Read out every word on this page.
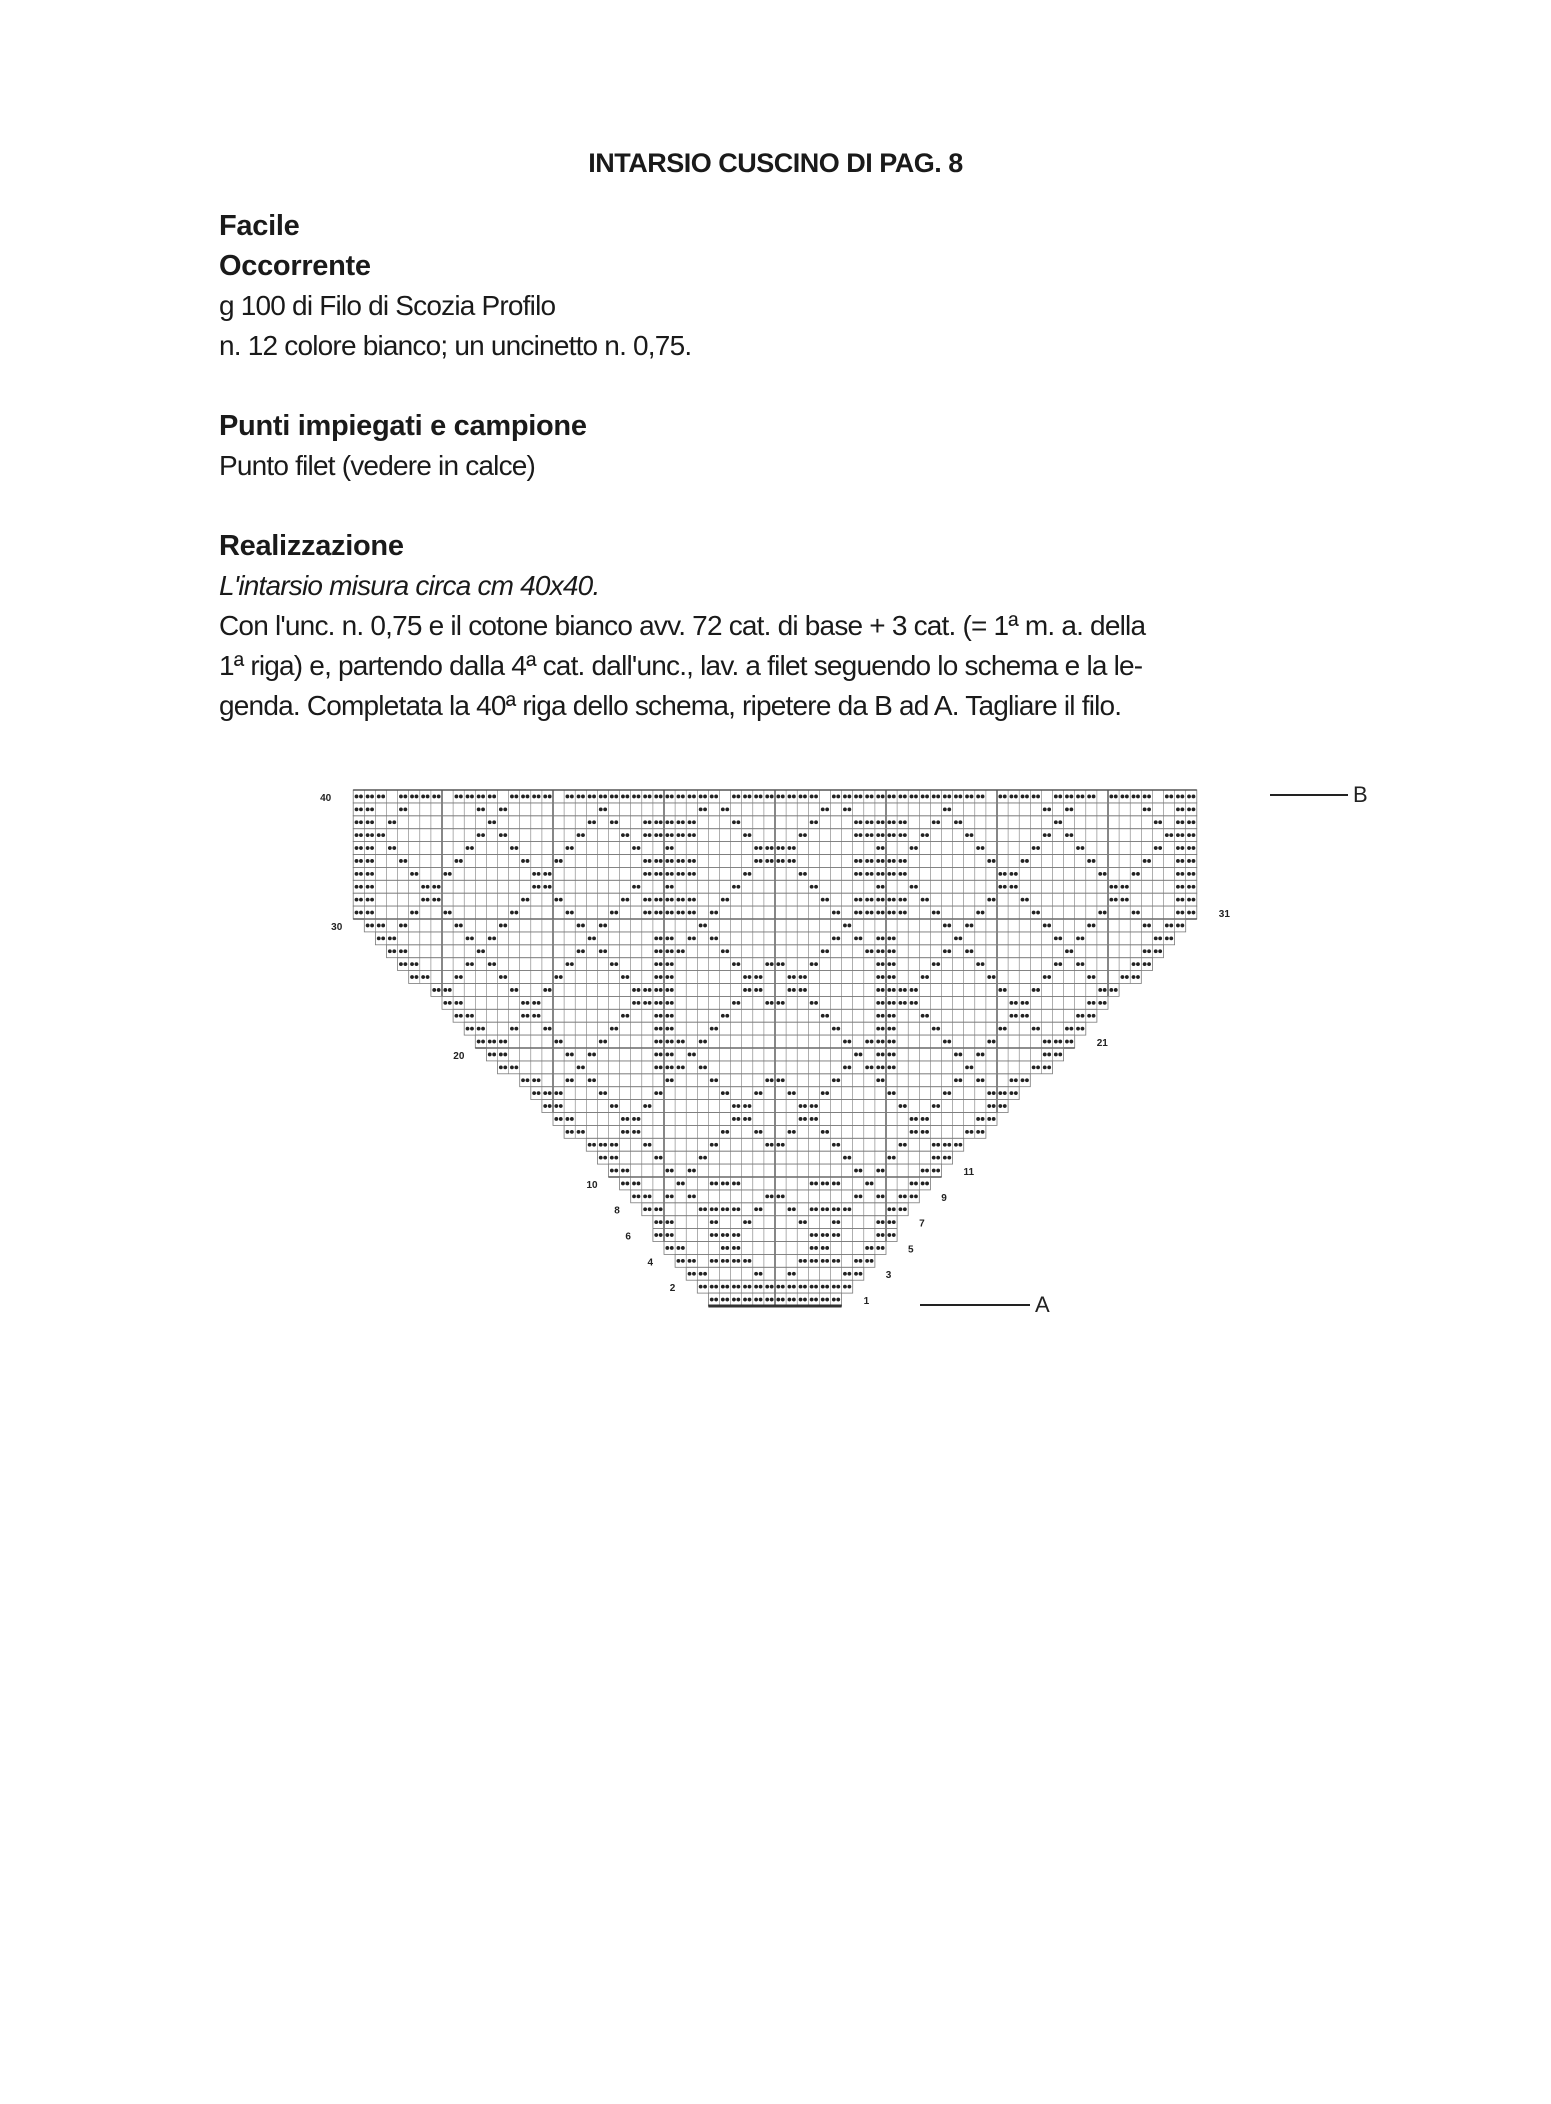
INTARSIO CUSCINO DI PAG. 8
Facile
Occorrente
g 100 di Filo di Scozia Profilo
n. 12 colore bianco; un uncinetto n. 0,75.
Punti impiegati e campione
Punto filet (vedere in calce)
Realizzazione
L'intarsio misura circa cm 40x40.
Con l'unc. n. 0,75 e il cotone bianco avv. 72 cat. di base + 3 cat. (= 1ª m. a. della
1ª riga) e, partendo dalla 4ª cat. dall'unc., lav. a filet seguendo lo schema e la le-
genda. Completata la 40ª riga dello schema, ripetere da B ad A. Tagliare il filo.
40
30
20
10
8
6
4
2
31
21
11
9
7
5
3
1
B
A
